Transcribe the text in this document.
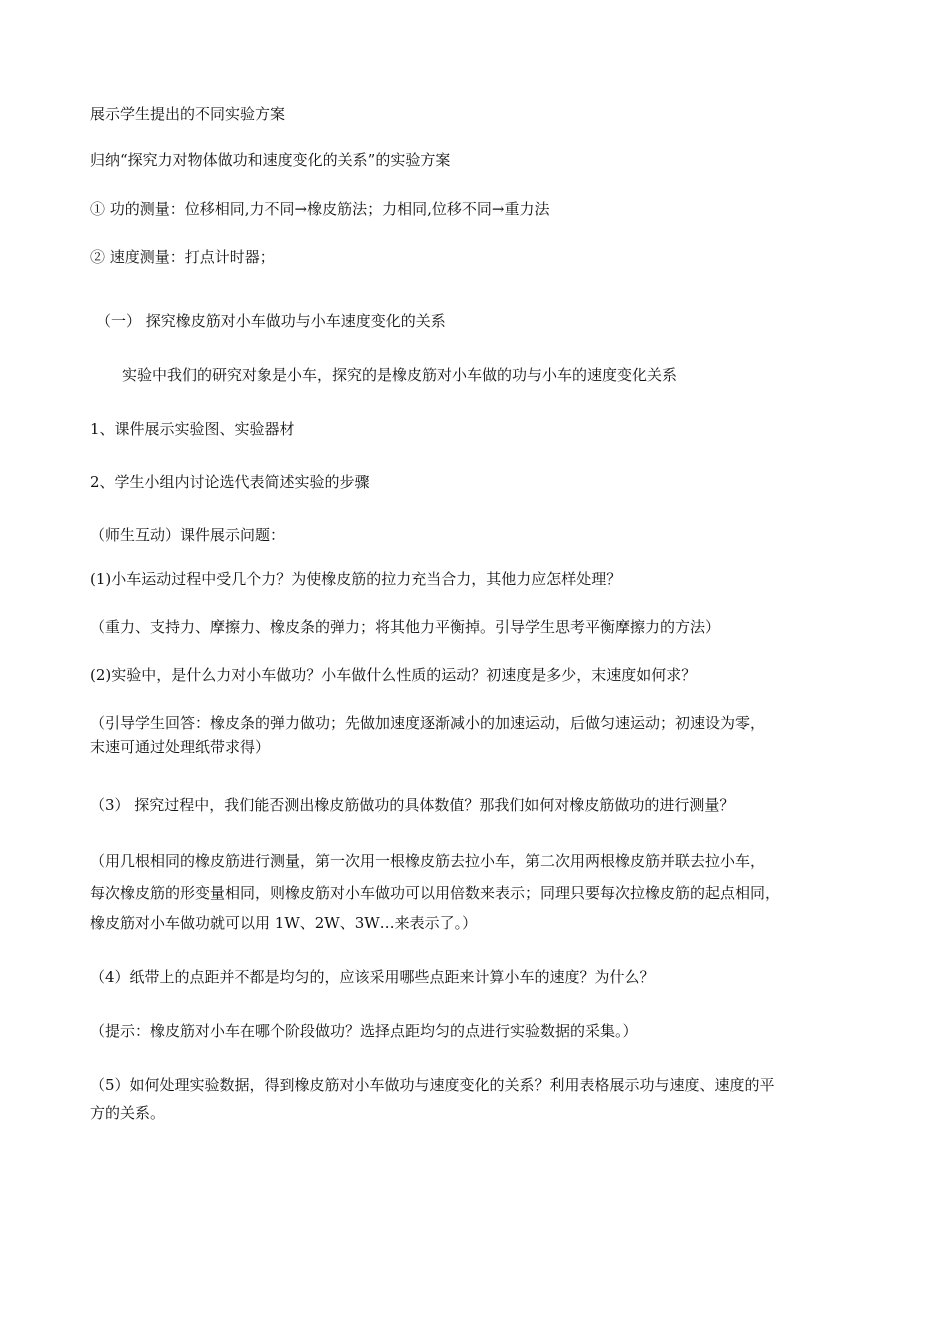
展示学生提出的不同实验方案
归纳“探究力对物体做功和速度变化的关系”的实验方案
① 功的测量：位移相同,力不同→橡皮筋法；力相同,位移不同→重力法
② 速度测量：打点计时器；
（一） 探究橡皮筋对小车做功与小车速度变化的关系
实验中我们的研究对象是小车，探究的是橡皮筋对小车做的功与小车的速度变化关系
1、课件展示实验图、实验器材
2、学生小组内讨论选代表简述实验的步骤
（师生互动）课件展示问题：
(1)小车运动过程中受几个力？为使橡皮筋的拉力充当合力，其他力应怎样处理？
（重力、支持力、摩擦力、橡皮条的弹力；将其他力平衡掉。引导学生思考平衡摩擦力的方法）
(2)实验中，是什么力对小车做功？小车做什么性质的运动？初速度是多少，末速度如何求？
（引导学生回答：橡皮条的弹力做功；先做加速度逐渐减小的加速运动，后做匀速运动；初速设为零，
末速可通过处理纸带求得）
（3） 探究过程中，我们能否测出橡皮筋做功的具体数值？那我们如何对橡皮筋做功的进行测量？
（用几根相同的橡皮筋进行测量，第一次用一根橡皮筋去拉小车，第二次用两根橡皮筋并联去拉小车，
每次橡皮筋的形变量相同，则橡皮筋对小车做功可以用倍数来表示；同理只要每次拉橡皮筋的起点相同，
橡皮筋对小车做功就可以用 1W、2W、3W…来表示了。）
（4）纸带上的点距并不都是均匀的，应该采用哪些点距来计算小车的速度？为什么？
（提示：橡皮筋对小车在哪个阶段做功？选择点距均匀的点进行实验数据的采集。）
（5）如何处理实验数据，得到橡皮筋对小车做功与速度变化的关系？利用表格展示功与速度、速度的平
方的关系。
